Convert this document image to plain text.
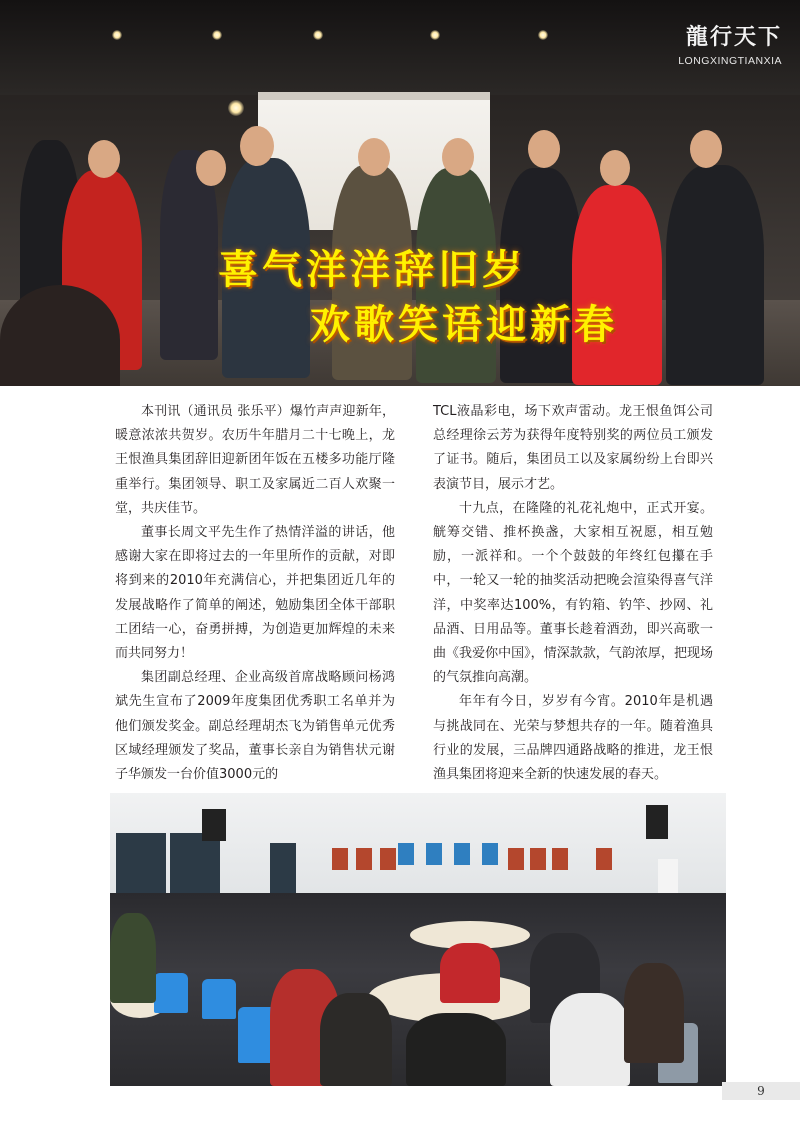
喜气洋洋辞旧岁
欢歌笑语迎新春
龍行天下
LONGXINGTIANXIA

本刊讯（通讯员 张乐平）爆竹声声迎新年，暖意浓浓共贺岁。农历牛年腊月二十七晚上，龙王恨渔具集团辞旧迎新团年饭在五楼多功能厅隆重举行。集团领导、职工及家属近二百人欢聚一堂，共庆佳节。

董事长周文平先生作了热情洋溢的讲话，他感谢大家在即将过去的一年里所作的贡献，对即将到来的2010年充满信心，并把集团近几年的发展战略作了简单的阐述，勉励集团全体干部职工团结一心，奋勇拼搏，为创造更加辉煌的未来而共同努力！

集团副总经理、企业高级首席战略顾问杨鸿斌先生宣布了2009年度集团优秀职工名单并为他们颁发奖金。副总经理胡杰飞为销售单元优秀区域经理颁发了奖品，董事长亲自为销售状元谢子华颁发一台价值3000元的

TCL液晶彩电，场下欢声雷动。龙王恨鱼饵公司总经理徐云芳为获得年度特别奖的两位员工颁发了证书。随后，集团员工以及家属纷纷上台即兴表演节目，展示才艺。

十九点，在隆隆的礼花礼炮中，正式开宴。觥筹交错、推杯换盏，大家相互祝愿，相互勉励，一派祥和。一个个鼓鼓的年终红包攥在手中，一轮又一轮的抽奖活动把晚会渲染得喜气洋洋，中奖率达100%，有钓箱、钓竿、抄网、礼品酒、日用品等。董事长趁着酒劲，即兴高歌一曲《我爱你中国》，情深款款，气韵浓厚，把现场的气氛推向高潮。

年年有今日，岁岁有今宵。2010年是机遇与挑战同在、光荣与梦想共存的一年。随着渔具行业的发展，三品牌四通路战略的推进，龙王恨渔具集团将迎来全新的快速发展的春天。

9
